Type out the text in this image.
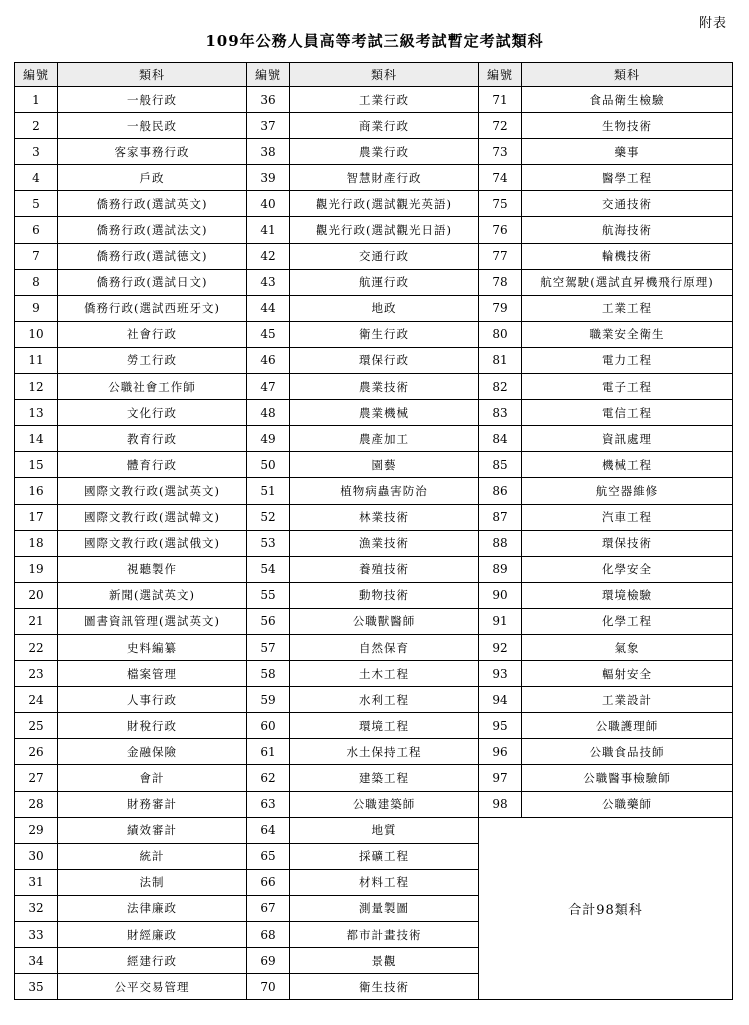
附表
109年公務人員高等考試三級考試暫定考試類科
編號	類科	編號	類科	編號	類科
1	一般行政	36	工業行政	71	食品衛生檢驗
2	一般民政	37	商業行政	72	生物技術
3	客家事務行政	38	農業行政	73	藥事
4	戶政	39	智慧財產行政	74	醫學工程
5	僑務行政(選試英文)	40	觀光行政(選試觀光英語)	75	交通技術
6	僑務行政(選試法文)	41	觀光行政(選試觀光日語)	76	航海技術
7	僑務行政(選試德文)	42	交通行政	77	輪機技術
8	僑務行政(選試日文)	43	航運行政	78	航空駕駛(選試直昇機飛行原理)
9	僑務行政(選試西班牙文)	44	地政	79	工業工程
10	社會行政	45	衛生行政	80	職業安全衛生
11	勞工行政	46	環保行政	81	電力工程
12	公職社會工作師	47	農業技術	82	電子工程
13	文化行政	48	農業機械	83	電信工程
14	教育行政	49	農產加工	84	資訊處理
15	體育行政	50	園藝	85	機械工程
16	國際文教行政(選試英文)	51	植物病蟲害防治	86	航空器維修
17	國際文教行政(選試韓文)	52	林業技術	87	汽車工程
18	國際文教行政(選試俄文)	53	漁業技術	88	環保技術
19	視聽製作	54	養殖技術	89	化學安全
20	新聞(選試英文)	55	動物技術	90	環境檢驗
21	圖書資訊管理(選試英文)	56	公職獸醫師	91	化學工程
22	史料編纂	57	自然保育	92	氣象
23	檔案管理	58	土木工程	93	輻射安全
24	人事行政	59	水利工程	94	工業設計
25	財稅行政	60	環境工程	95	公職護理師
26	金融保險	61	水土保持工程	96	公職食品技師
27	會計	62	建築工程	97	公職醫事檢驗師
28	財務審計	63	公職建築師	98	公職藥師
29	績效審計	64	地質	合計98類科	
30	統計	65	採礦工程		
31	法制	66	材料工程		
32	法律廉政	67	測量製圖		
33	財經廉政	68	都市計畫技術		
34	經建行政	69	景觀		
35	公平交易管理	70	衛生技術		
